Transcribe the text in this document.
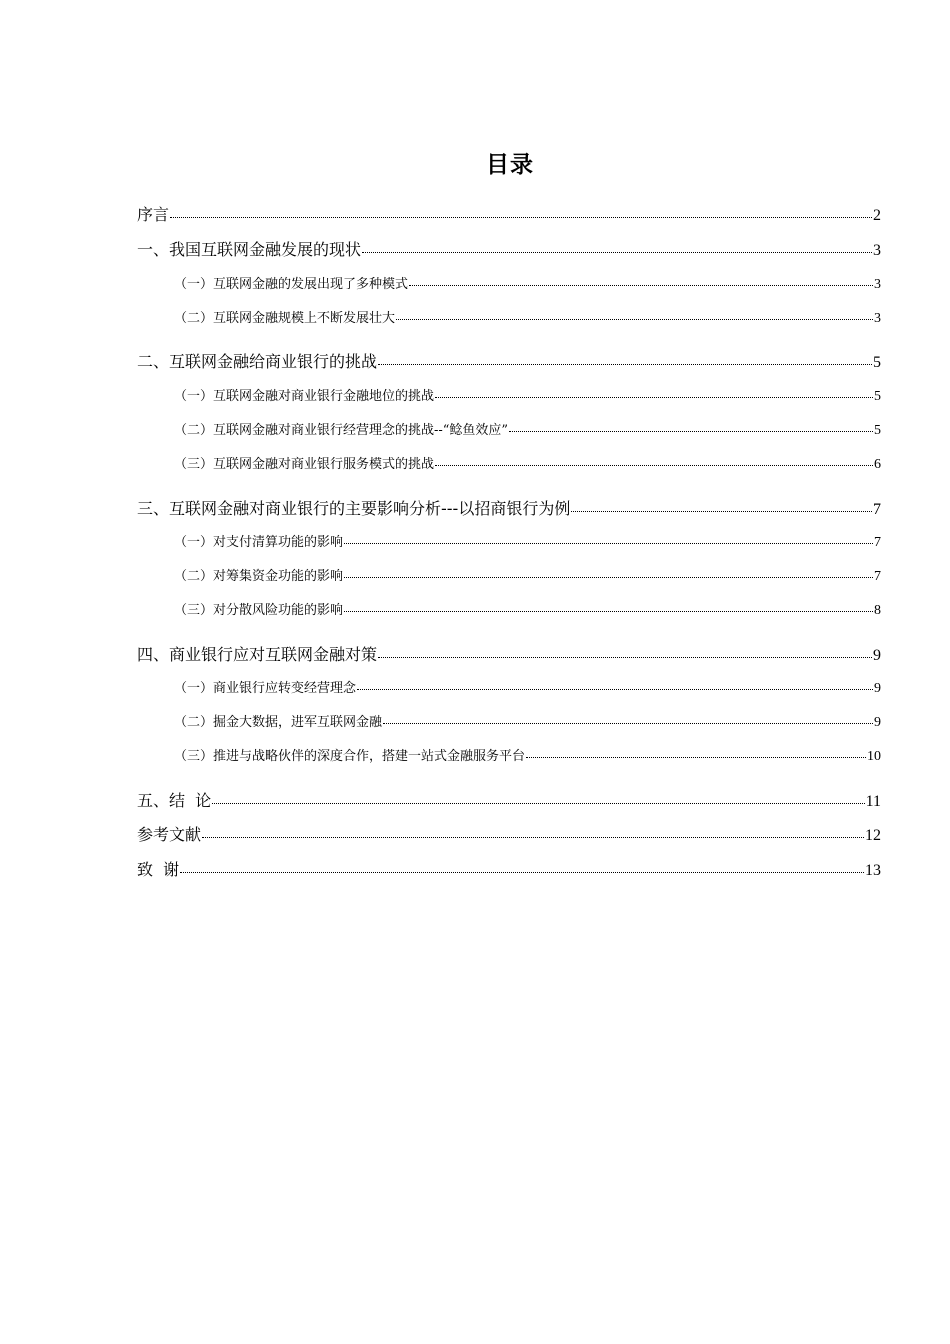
目录
序言	2
一、我国互联网金融发展的现状	3
（一）互联网金融的发展出现了多种模式	3
（二）互联网金融规模上不断发展壮大	3
二、互联网金融给商业银行的挑战	5
（一）互联网金融对商业银行金融地位的挑战	5
（二）互联网金融对商业银行经营理念的挑战--“鲶鱼效应”	5
（三）互联网金融对商业银行服务模式的挑战	6
三、互联网金融对商业银行的主要影响分析---以招商银行为例	7
（一）对支付清算功能的影响	7
（二）对筹集资金功能的影响	7
（三）对分散风险功能的影响	8
四、商业银行应对互联网金融对策	9
（一）商业银行应转变经营理念	9
（二）掘金大数据，进军互联网金融	9
（三）推进与战略伙伴的深度合作，搭建一站式金融服务平台	10
五、结  论	11
参考文献	12
致  谢	13
